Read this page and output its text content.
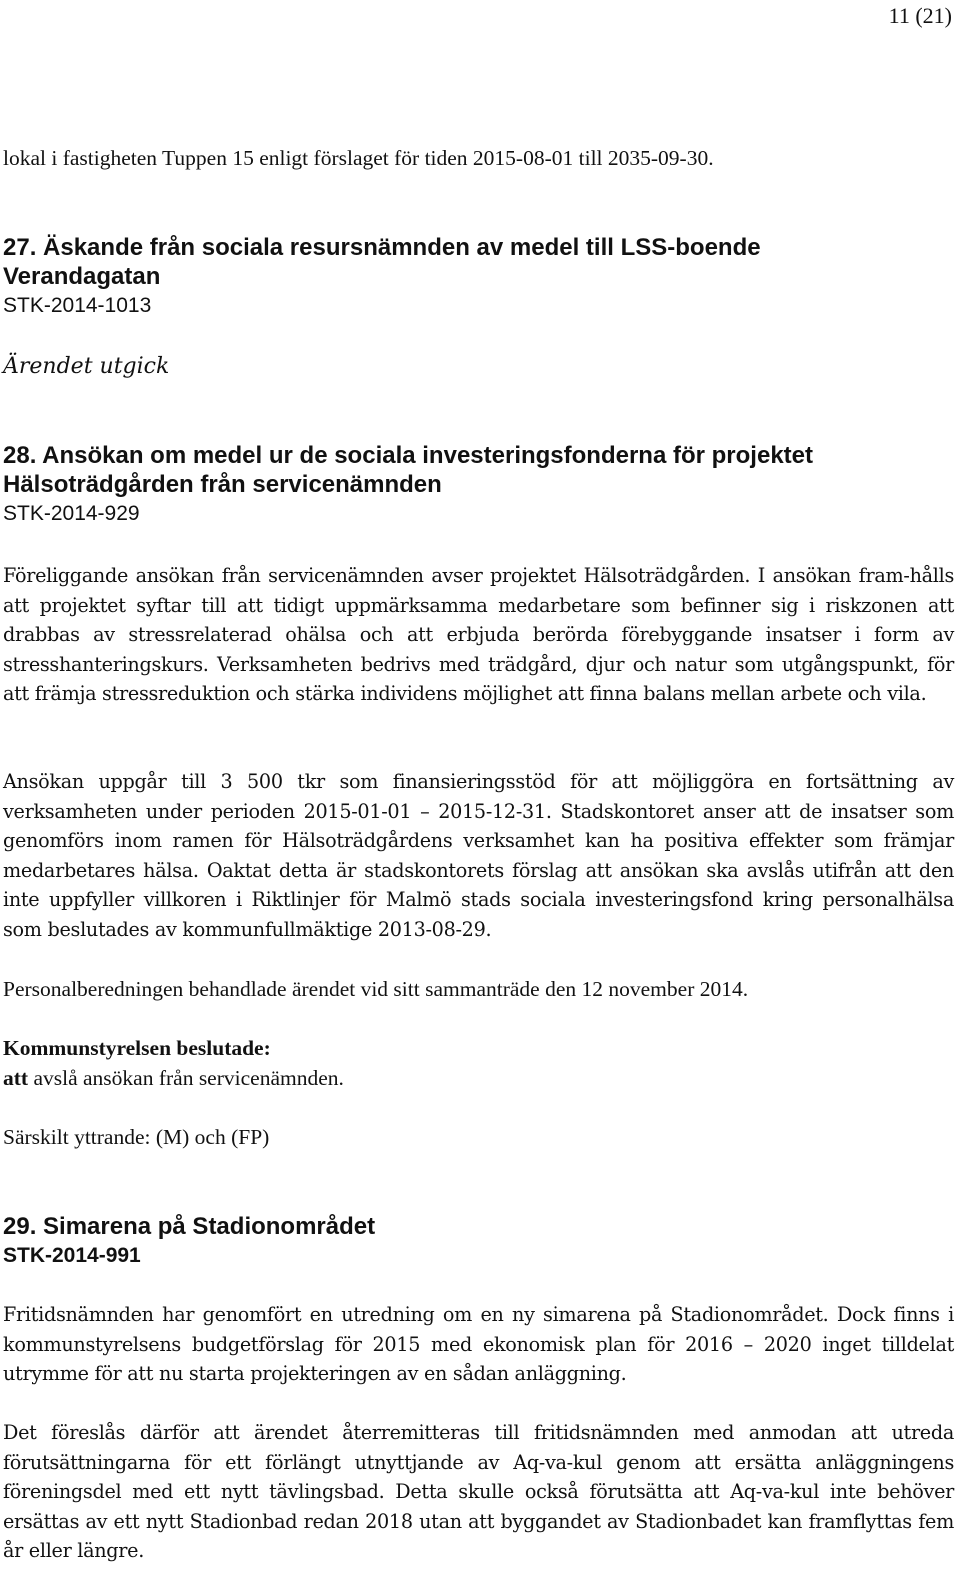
11 (21)

lokal i fastigheten Tuppen 15 enligt förslaget för tiden 2015-08-01 till 2035-09-30.

27. Äskande från sociala resursnämnden av medel till LSS-boende
Verandagatan
STK-2014-1013
Ärendet utgick
28. Ansökan om medel ur de sociala investeringsfonderna för projektet
Hälsoträdgården från servicenämnden
STK-2014-929

Föreliggande ansökan från servicenämnden avser projektet Hälsoträdgården. I ansökan fram-hålls att projektet syftar till att tidigt uppmärksamma medarbetare som befinner sig i riskzonen att drabbas av stressrelaterad ohälsa och att erbjuda berörda förebyggande insatser i form av stresshanteringskurs. Verksamheten bedrivs med trädgård, djur och natur som utgångspunkt, för att främja stressreduktion och stärka individens möjlighet att finna balans mellan arbete och vila.

Ansökan uppgår till 3 500 tkr som finansieringsstöd för att möjliggöra en fortsättning av verksamheten under perioden 2015-01-01 – 2015-12-31. Stadskontoret anser att de insatser som genomförs inom ramen för Hälsoträdgårdens verksamhet kan ha positiva effekter som främjar medarbetares hälsa. Oaktat detta är stadskontorets förslag att ansökan ska avslås utifrån att den inte uppfyller villkoren i Riktlinjer för Malmö stads sociala investeringsfond kring personalhälsa som beslutades av kommunfullmäktige 2013-08-29.

Personalberedningen behandlade ärendet vid sitt sammanträde den 12 november 2014.

Kommunstyrelsen beslutade:
att avslå ansökan från servicenämnden.

Särskilt yttrande: (M) och (FP)

29. Simarena på Stadionområdet
STK-2014-991

Fritidsnämnden har genomfört en utredning om en ny simarena på Stadionområdet. Dock finns i kommunstyrelsens budgetförslag för 2015 med ekonomisk plan för 2016 – 2020 inget tilldelat utrymme för att nu starta projekteringen av en sådan anläggning.

Det föreslås därför att ärendet återremitteras till fritidsnämnden med anmodan att utreda förutsättningarna för ett förlängt utnyttjande av Aq-va-kul genom att ersätta anläggningens föreningsdel med ett nytt tävlingsbad. Detta skulle också förutsätta att Aq-va-kul inte behöver ersättas av ett nytt Stadionbad redan 2018 utan att byggandet av Stadionbadet kan framflyttas fem år eller längre.
